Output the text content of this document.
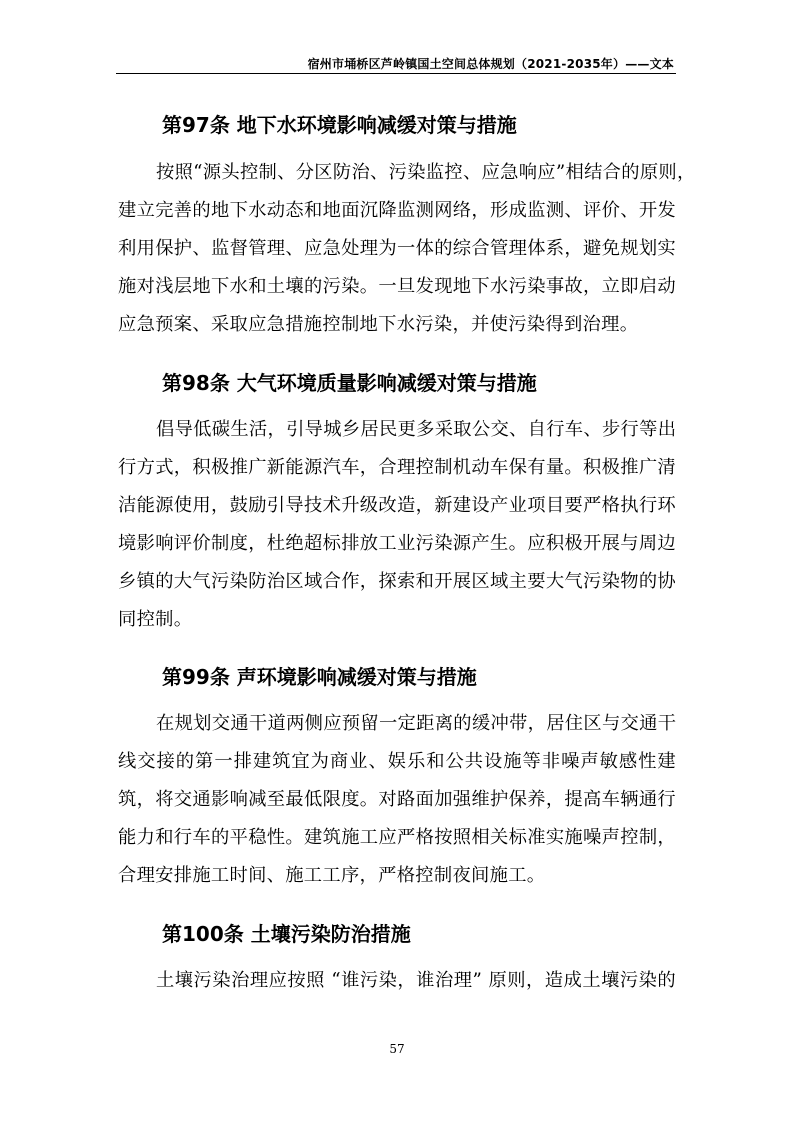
宿州市埇桥区芦岭镇国土空间总体规划（2021-2035年）——文本
第97条 地下水环境影响减缓对策与措施
按照“源头控制、分区防治、污染监控、应急响应”相结合的原则，
建立完善的地下水动态和地面沉降监测网络，形成监测、评价、开发
利用保护、监督管理、应急处理为一体的综合管理体系，避免规划实
施对浅层地下水和土壤的污染。一旦发现地下水污染事故，立即启动
应急预案、采取应急措施控制地下水污染，并使污染得到治理。
第98条 大气环境质量影响减缓对策与措施
倡导低碳生活，引导城乡居民更多采取公交、自行车、步行等出
行方式，积极推广新能源汽车，合理控制机动车保有量。积极推广清
洁能源使用，鼓励引导技术升级改造，新建设产业项目要严格执行环
境影响评价制度，杜绝超标排放工业污染源产生。应积极开展与周边
乡镇的大气污染防治区域合作，探索和开展区域主要大气污染物的协
同控制。
第99条 声环境影响减缓对策与措施
在规划交通干道两侧应预留一定距离的缓冲带，居住区与交通干
线交接的第一排建筑宜为商业、娱乐和公共设施等非噪声敏感性建
筑，将交通影响减至最低限度。对路面加强维护保养，提高车辆通行
能力和行车的平稳性。建筑施工应严格按照相关标准实施噪声控制，
合理安排施工时间、施工工序，严格控制夜间施工。
第100条 土壤污染防治措施
土壤污染治理应按照 “谁污染，谁治理” 原则，造成土壤污染的
57
